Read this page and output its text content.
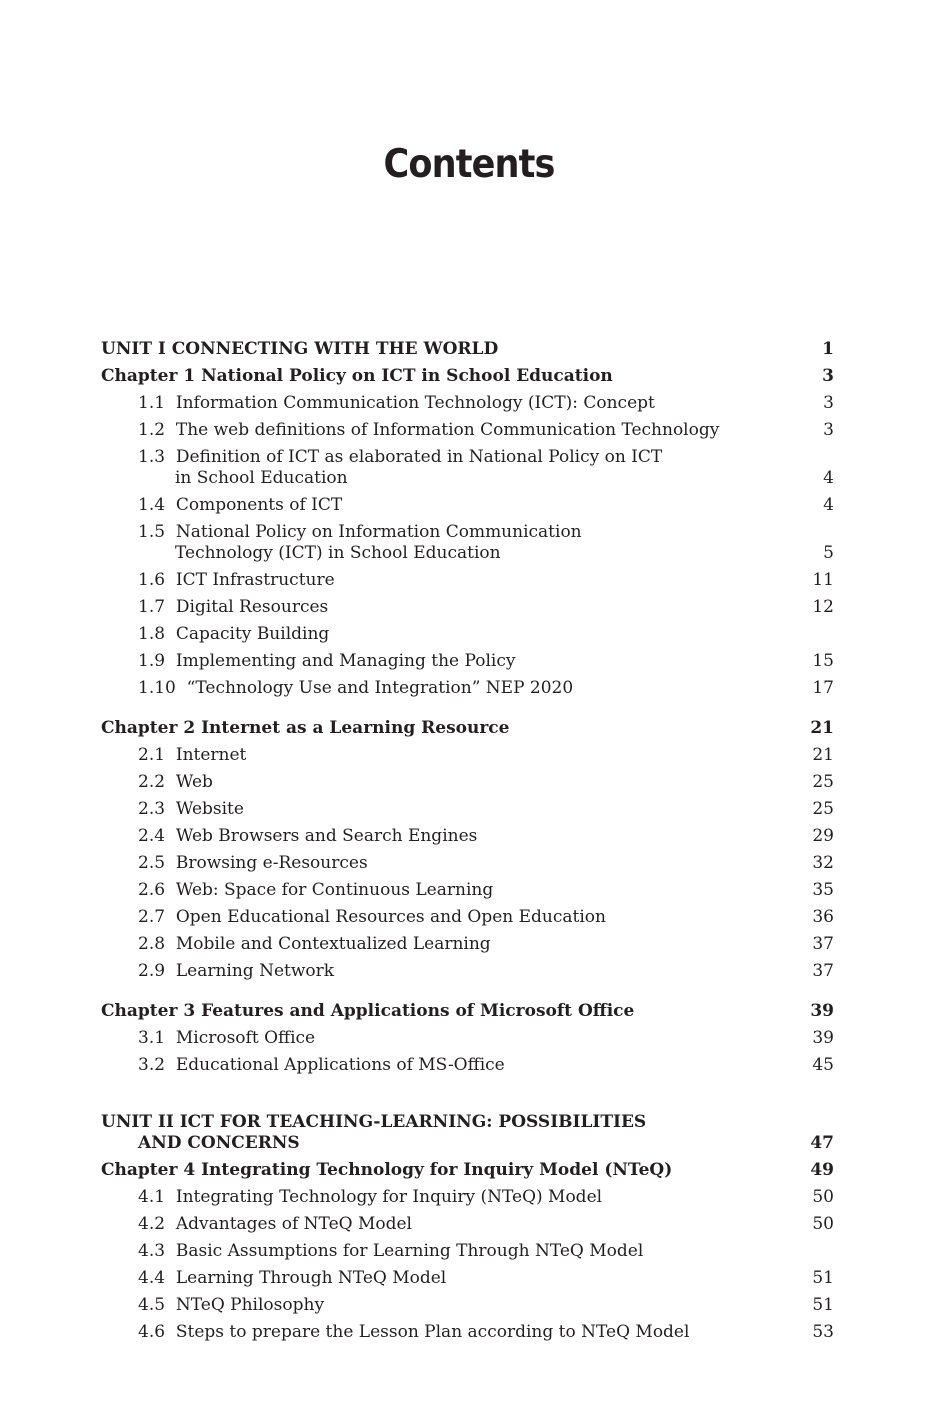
Contents
UNIT I CONNECTING WITH THE WORLD	1
Chapter 1 National Policy on ICT in School Education	3
1.1 Information Communication Technology (ICT): Concept	3
1.2 The web definitions of Information Communication Technology	3
1.3 Definition of ICT as elaborated in National Policy on ICT
in School Education	4
1.4 Components of ICT	4
1.5 National Policy on Information Communication
Technology (ICT) in School Education	5
1.6 ICT Infrastructure	11
1.7 Digital Resources	12
1.8 Capacity Building
1.9 Implementing and Managing the Policy	15
1.10 “Technology Use and Integration” NEP 2020	17
Chapter 2 Internet as a Learning Resource	21
2.1 Internet	21
2.2 Web	25
2.3 Website	25
2.4 Web Browsers and Search Engines	29
2.5 Browsing e-Resources	32
2.6 Web: Space for Continuous Learning	35
2.7 Open Educational Resources and Open Education	36
2.8 Mobile and Contextualized Learning	37
2.9 Learning Network	37
Chapter 3 Features and Applications of Microsoft Office	39
3.1 Microsoft Office	39
3.2 Educational Applications of MS-Office	45
UNIT II ICT FOR TEACHING-LEARNING: POSSIBILITIES
AND CONCERNS	47
Chapter 4 Integrating Technology for Inquiry Model (NTeQ)	49
4.1 Integrating Technology for Inquiry (NTeQ) Model	50
4.2 Advantages of NTeQ Model	50
4.3 Basic Assumptions for Learning Through NTeQ Model
4.4 Learning Through NTeQ Model	51
4.5 NTeQ Philosophy	51
4.6 Steps to prepare the Lesson Plan according to NTeQ Model	53
